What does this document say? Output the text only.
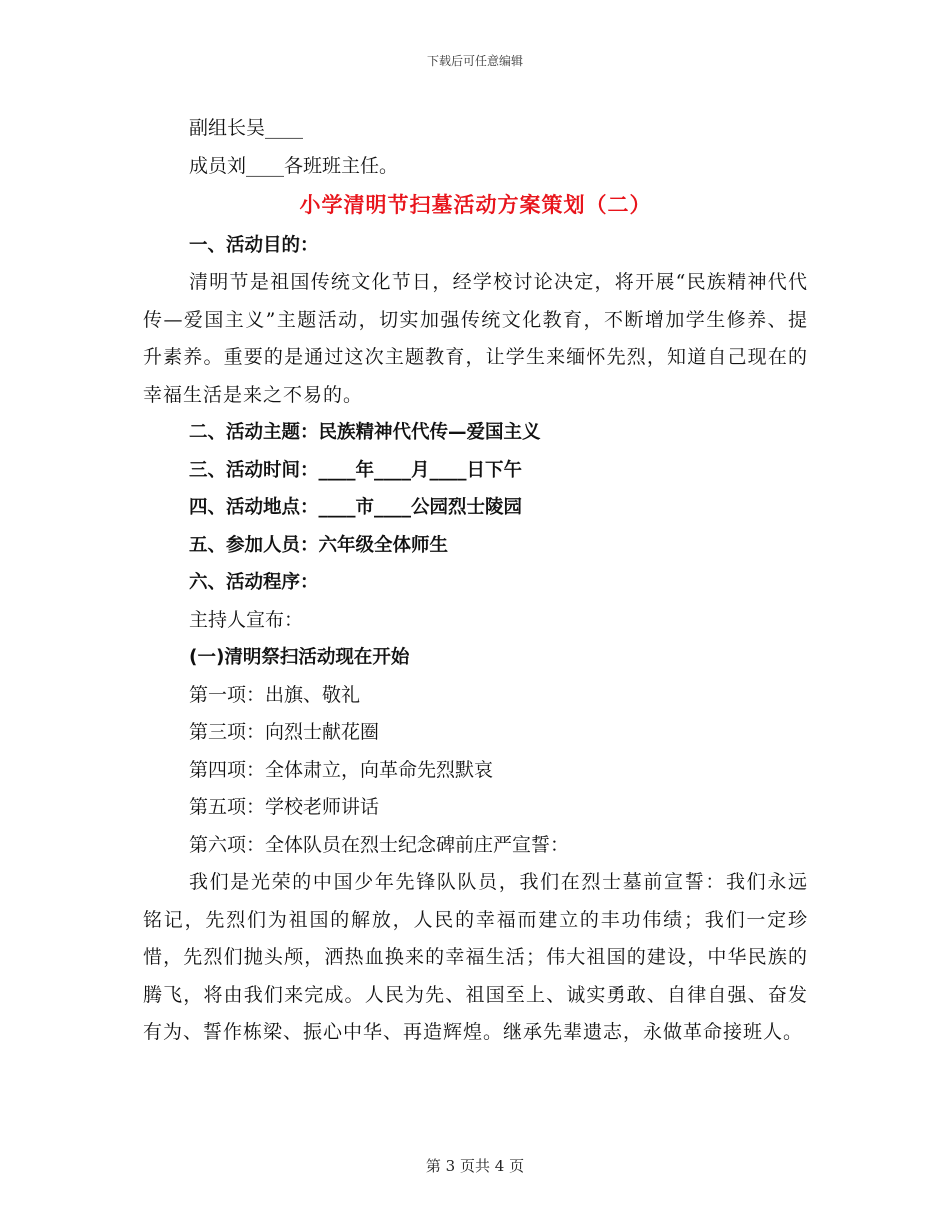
下载后可任意编辑

副组长吴____

成员刘____各班班主任。

小学清明节扫墓活动方案策划（二）

一、活动目的：

清明节是祖国传统文化节日，经学校讨论决定，将开展“民族精神代代传—爱国主义”主题活动，切实加强传统文化教育，不断增加学生修养、提升素养。重要的是通过这次主题教育，让学生来缅怀先烈，知道自己现在的幸福生活是来之不易的。

二、活动主题：民族精神代代传—爱国主义

三、活动时间：____年____月____日下午

四、活动地点：____市____公园烈士陵园

五、参加人员：六年级全体师生

六、活动程序：

主持人宣布：

(一)清明祭扫活动现在开始

第一项：出旗、敬礼

第三项：向烈士献花圈

第四项：全体肃立，向革命先烈默哀

第五项：学校老师讲话

第六项：全体队员在烈士纪念碑前庄严宣誓：

我们是光荣的中国少年先锋队队员，我们在烈士墓前宣誓：我们永远铭记，先烈们为祖国的解放，人民的幸福而建立的丰功伟绩；我们一定珍惜，先烈们抛头颅，洒热血换来的幸福生活；伟大祖国的建设，中华民族的腾飞，将由我们来完成。人民为先、祖国至上、诚实勇敢、自律自强、奋发有为、誓作栋梁、振心中华、再造辉煌。继承先辈遗志，永做革命接班人。

第 3 页共 4 页
